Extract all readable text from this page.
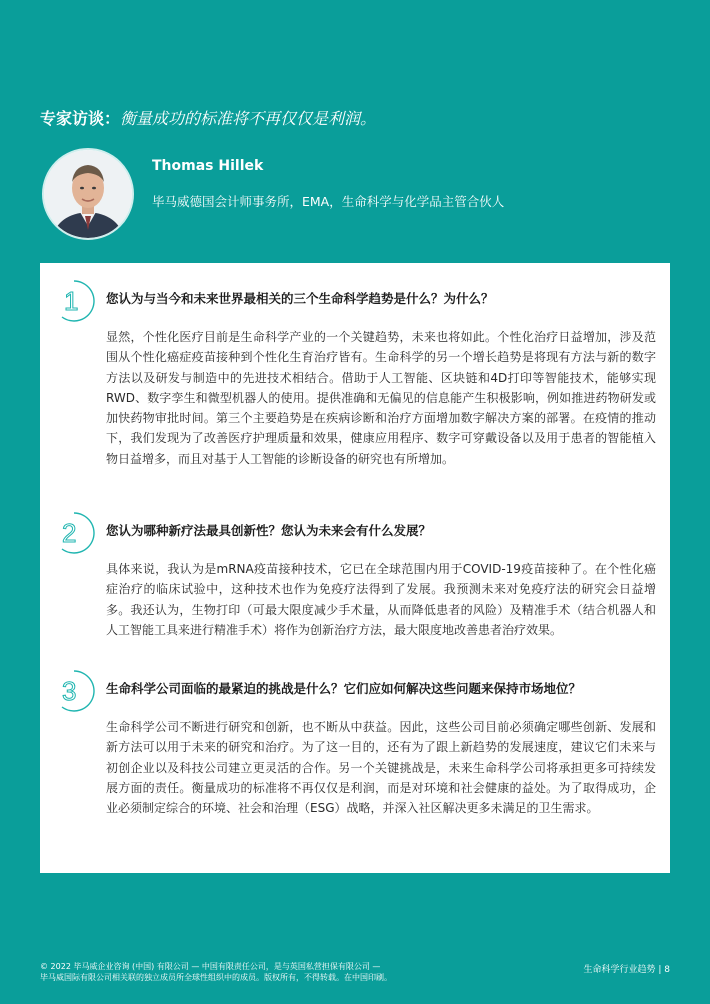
专家访谈：衡量成功的标准将不再仅仅是利润。
Thomas Hillek
毕马威德国会计师事务所，EMA，生命科学与化学品主管合伙人
1 您认为与当今和未来世界最相关的三个生命科学趋势是什么？为什么？
显然，个性化医疗目前是生命科学产业的一个关键趋势，未来也将如此。个性化治疗日益增加，涉及范围从个性化癌症疫苗接种到个性化生育治疗皆有。生命科学的另一个增长趋势是将现有方法与新的数字方法以及研发与制造中的先进技术相结合。借助于人工智能、区块链和4D打印等智能技术，能够实现RWD、数字孪生和微型机器人的使用。提供准确和无偏见的信息能产生积极影响，例如推进药物研发或加快药物审批时间。第三个主要趋势是在疾病诊断和治疗方面增加数字解决方案的部署。在疫情的推动下，我们发现为了改善医疗护理质量和效果，健康应用程序、数字可穿戴设备以及用于患者的智能植入物日益增多，而且对基于人工智能的诊断设备的研究也有所增加。
2 您认为哪种新疗法最具创新性？您认为未来会有什么发展？
具体来说，我认为是mRNA疫苗接种技术，它已在全球范围内用于COVID-19疫苗接种了。在个性化癌症治疗的临床试验中，这种技术也作为免疫疗法得到了发展。我预测未来对免疫疗法的研究会日益增多。我还认为，生物打印（可最大限度减少手术量，从而降低患者的风险）及精准手术（结合机器人和人工智能工具来进行精准手术）将作为创新治疗方法，最大限度地改善患者治疗效果。
3 生命科学公司面临的最紧迫的挑战是什么？它们应如何解决这些问题来保持市场地位？
生命科学公司不断进行研究和创新，也不断从中获益。因此，这些公司目前必须确定哪些创新、发展和新方法可以用于未来的研究和治疗。为了这一目的，还有为了跟上新趋势的发展速度，建议它们未来与初创企业以及科技公司建立更灵活的合作。另一个关键挑战是，未来生命科学公司将承担更多可持续发展方面的责任。衡量成功的标准将不再仅仅是利润，而是对环境和社会健康的益处。为了取得成功，企业必须制定综合的环境、社会和治理（ESG）战略，并深入社区解决更多未满足的卫生需求。
© 2022 毕马威企业咨询 (中国) 有限公司 — 中国有限责任公司，是与英国私营担保有限公司 —
毕马威国际有限公司相关联的独立成员所全球性组织中的成员。版权所有，不得转载。在中国印刷。
生命科学行业趋势 | 8
